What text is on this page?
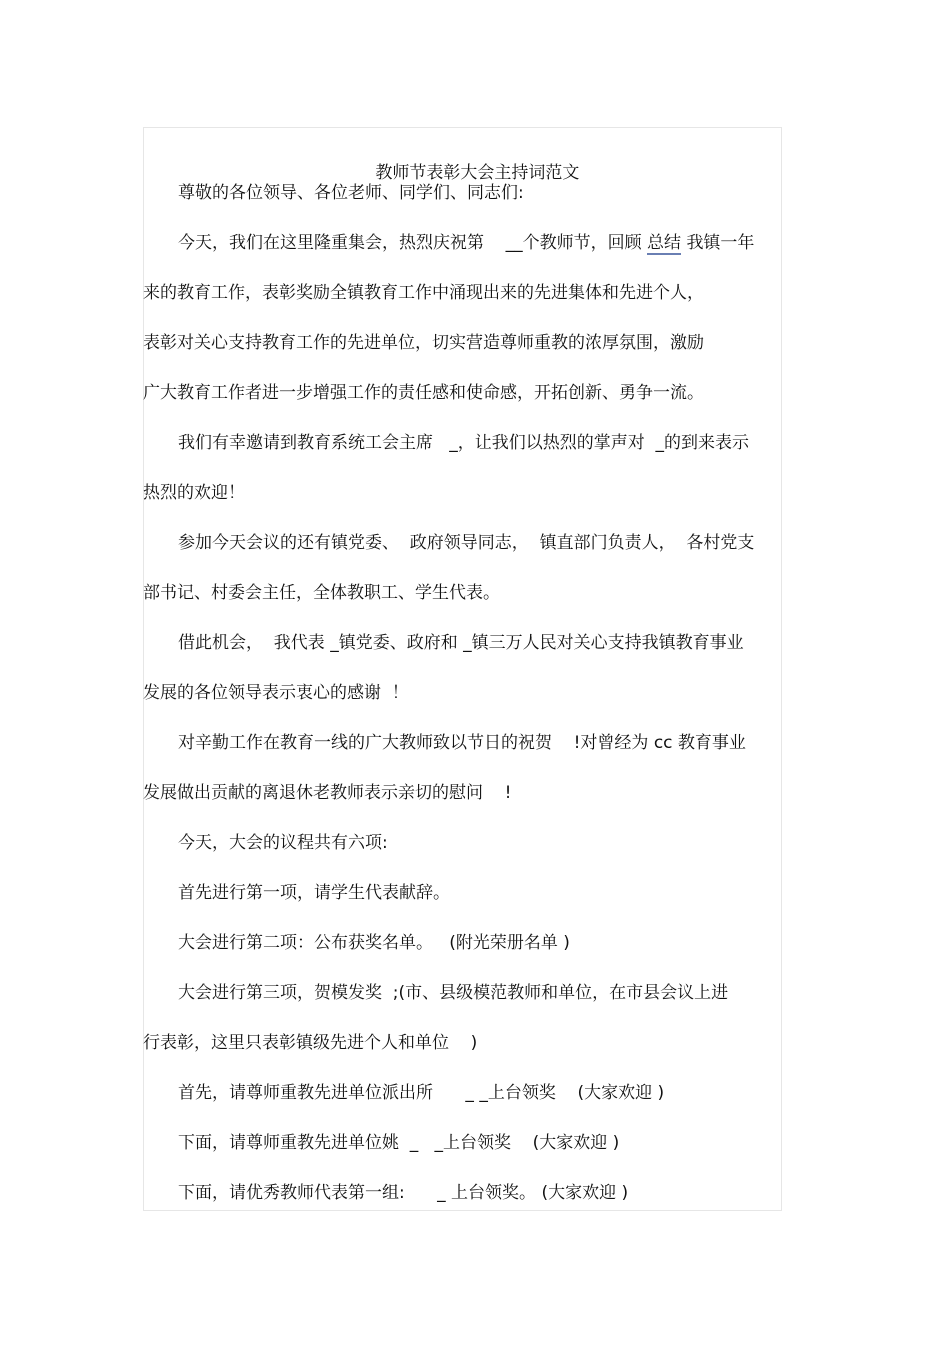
教师节表彰大会主持词范文

尊敬的各位领导、各位老师、同学们、同志们:
今天，我们在这里隆重集会，热烈庆祝第 __个教师节，回顾 总结 我镇一年
来的教育工作，表彰奖励全镇教育工作中涌现出来的先进集体和先进个人，
表彰对关心支持教育工作的先进单位，切实营造尊师重教的浓厚氛围，激励
广大教育工作者进一步增强工作的责任感和使命感，开拓创新、勇争一流。
我们有幸邀请到教育系统工会主席   _，让我们以热烈的掌声对  _的到来表示
热烈的欢迎！
参加今天会议的还有镇党委、  政府领导同志，  镇直部门负责人，  各村党支
部书记、村委会主任，全体教职工、学生代表。
借此机会，  我代表 _镇党委、政府和 _镇三万人民对关心支持我镇教育事业
发展的各位领导表示衷心的感谢  ！
对辛勤工作在教育一线的广大教师致以节日的祝贺    !对曾经为 cc 教育事业
发展做出贡献的离退休老教师表示亲切的慰问    !
今天，大会的议程共有六项:
首先进行第一项，请学生代表献辞。
大会进行第二项：公布获奖名单。   (附光荣册名单 )
大会进行第三项，贺模发奖  ;(市、县级模范教师和单位，在市县会议上进
行表彰，这里只表彰镇级先进个人和单位    )
首先，请尊师重教先进单位派出所      _ _上台领奖    (大家欢迎 )
下面，请尊师重教先进单位姚  _   _上台领奖    (大家欢迎 )
下面，请优秀教师代表第一组:      _ 上台领奖。 (大家欢迎 )
